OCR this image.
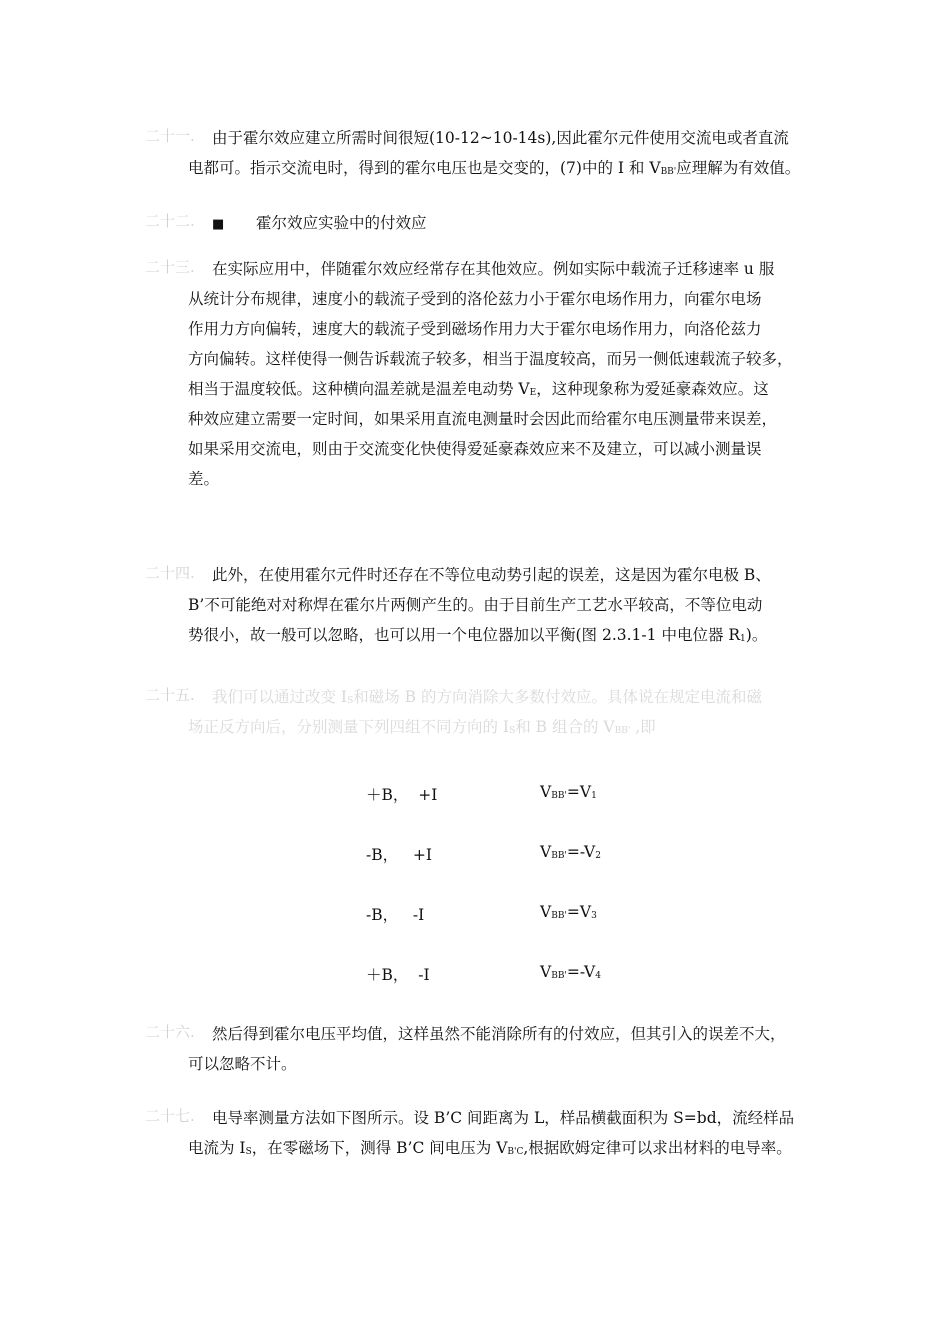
二十一.	由于霍尔效应建立所需时间很短(10-12~10-14s),因此霍尔元件使用交流电或者直流
电都可。指示交流电时，得到的霍尔电压也是交变的，(7)中的 I 和 $V_{BB'}$应理解为有效值。
二十二.	■ 霍尔效应实验中的付效应
二十三.	在实际应用中，伴随霍尔效应经常存在其他效应。例如实际中载流子迁移速率 u 服
从统计分布规律，速度小的载流子受到的洛伦兹力小于霍尔电场作用力，向霍尔电场
作用力方向偏转，速度大的载流子受到磁场作用力大于霍尔电场作用力，向洛伦兹力
方向偏转。这样使得一侧告诉载流子较多，相当于温度较高，而另一侧低速载流子较多，
相当于温度较低。这种横向温差就是温差电动势 $V_E$，这种现象称为爱延豪森效应。这
种效应建立需要一定时间，如果采用直流电测量时会因此而给霍尔电压测量带来误差，
如果采用交流电，则由于交流变化快使得爱延豪森效应来不及建立，可以减小测量误
差。
二十四.	此外，在使用霍尔元件时还存在不等位电动势引起的误差，这是因为霍尔电极 B、
B’不可能绝对对称焊在霍尔片两侧产生的。由于目前生产工艺水平较高，不等位电动
势很小，故一般可以忽略，也可以用一个电位器加以平衡(图 2.3.1-1 中电位器 $R_1$)。
二十五.	我们可以通过改变 $I_S$和磁场 B 的方向消除大多数付效应。具体说在规定电流和磁
场正反方向后，分别测量下列四组不同方向的 $I_S$和 B 组合的 $V_{BB'}$ ,即
＋B，  +I	$V_{BB'}=V_1$
-B，   +I	$V_{BB'}=-V_2$
-B，   -I	$V_{BB'}=V_3$
＋B，  -I	$V_{BB'}=-V_4$
二十六.	然后得到霍尔电压平均值，这样虽然不能消除所有的付效应，但其引入的误差不大，
可以忽略不计。
二十七.	电导率测量方法如下图所示。设 B’C 间距离为 L，样品横截面积为 S=bd，流经样品
电流为 $I_S$，在零磁场下，测得 B’C 间电压为 $V_{B'C}$,根据欧姆定律可以求出材料的电导率。
